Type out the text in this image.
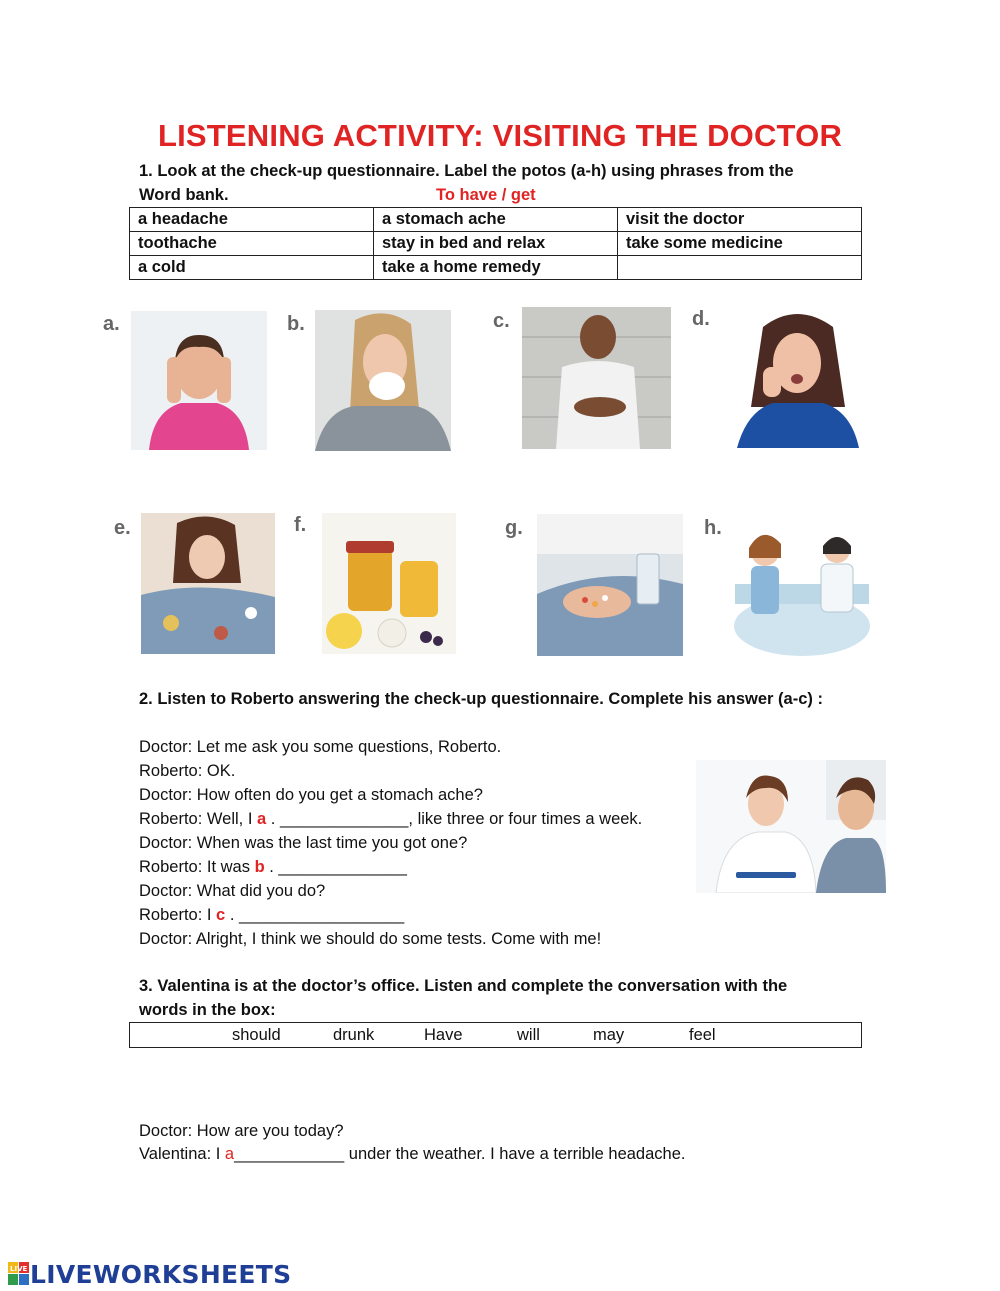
LISTENING ACTIVITY: VISITING THE DOCTOR
1. Look at the check-up questionnaire. Label the potos (a-h) using phrases from the
Word bank.	To have / get
a headache	a stomach ache	visit the doctor
toothache	stay in bed and relax	take some medicine
a cold	take a home remedy	
a.	b.	c.	d.
e.	f.	g.	h.
2. Listen to Roberto answering the check-up questionnaire. Complete his answer (a-c) :
Doctor: Let me ask you some questions, Roberto.
Roberto: OK.
Doctor: How often do you get a stomach ache?
Roberto: Well, I a . ______________, like three or four times a week.
Doctor: When was the last time you got one?
Roberto: It was b . ______________
Doctor: What did you do?
Roberto: I c . __________________
Doctor: Alright, I think we should do some tests. Come with me!
3. Valentina is at the doctor’s office. Listen and complete the conversation with the
words in the box:
should	drunk	Have	will	may	feel
Doctor: How are you today?
Valentina: I a____________ under the weather. I have a terrible headache.
LIVE LIVEWORKSHEETS
